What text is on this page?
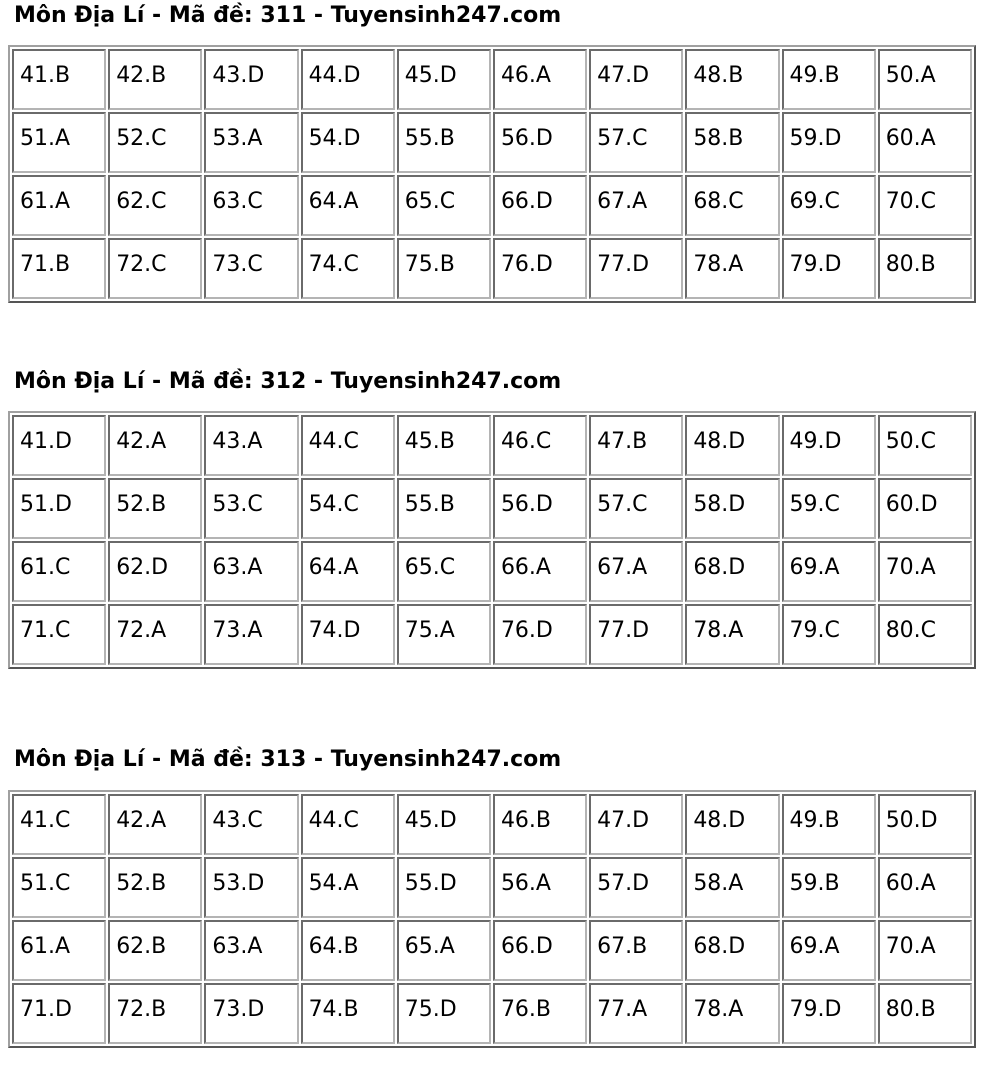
Môn Địa Lí - Mã đề: 311 - Tuyensinh247.com
41.B	42.B	43.D	44.D	45.D	46.A	47.D	48.B	49.B	50.A
51.A	52.C	53.A	54.D	55.B	56.D	57.C	58.B	59.D	60.A
61.A	62.C	63.C	64.A	65.C	66.D	67.A	68.C	69.C	70.C
71.B	72.C	73.C	74.C	75.B	76.D	77.D	78.A	79.D	80.B
Môn Địa Lí - Mã đề: 312 - Tuyensinh247.com
41.D	42.A	43.A	44.C	45.B	46.C	47.B	48.D	49.D	50.C
51.D	52.B	53.C	54.C	55.B	56.D	57.C	58.D	59.C	60.D
61.C	62.D	63.A	64.A	65.C	66.A	67.A	68.D	69.A	70.A
71.C	72.A	73.A	74.D	75.A	76.D	77.D	78.A	79.C	80.C
Môn Địa Lí - Mã đề: 313 - Tuyensinh247.com
41.C	42.A	43.C	44.C	45.D	46.B	47.D	48.D	49.B	50.D
51.C	52.B	53.D	54.A	55.D	56.A	57.D	58.A	59.B	60.A
61.A	62.B	63.A	64.B	65.A	66.D	67.B	68.D	69.A	70.A
71.D	72.B	73.D	74.B	75.D	76.B	77.A	78.A	79.D	80.B
